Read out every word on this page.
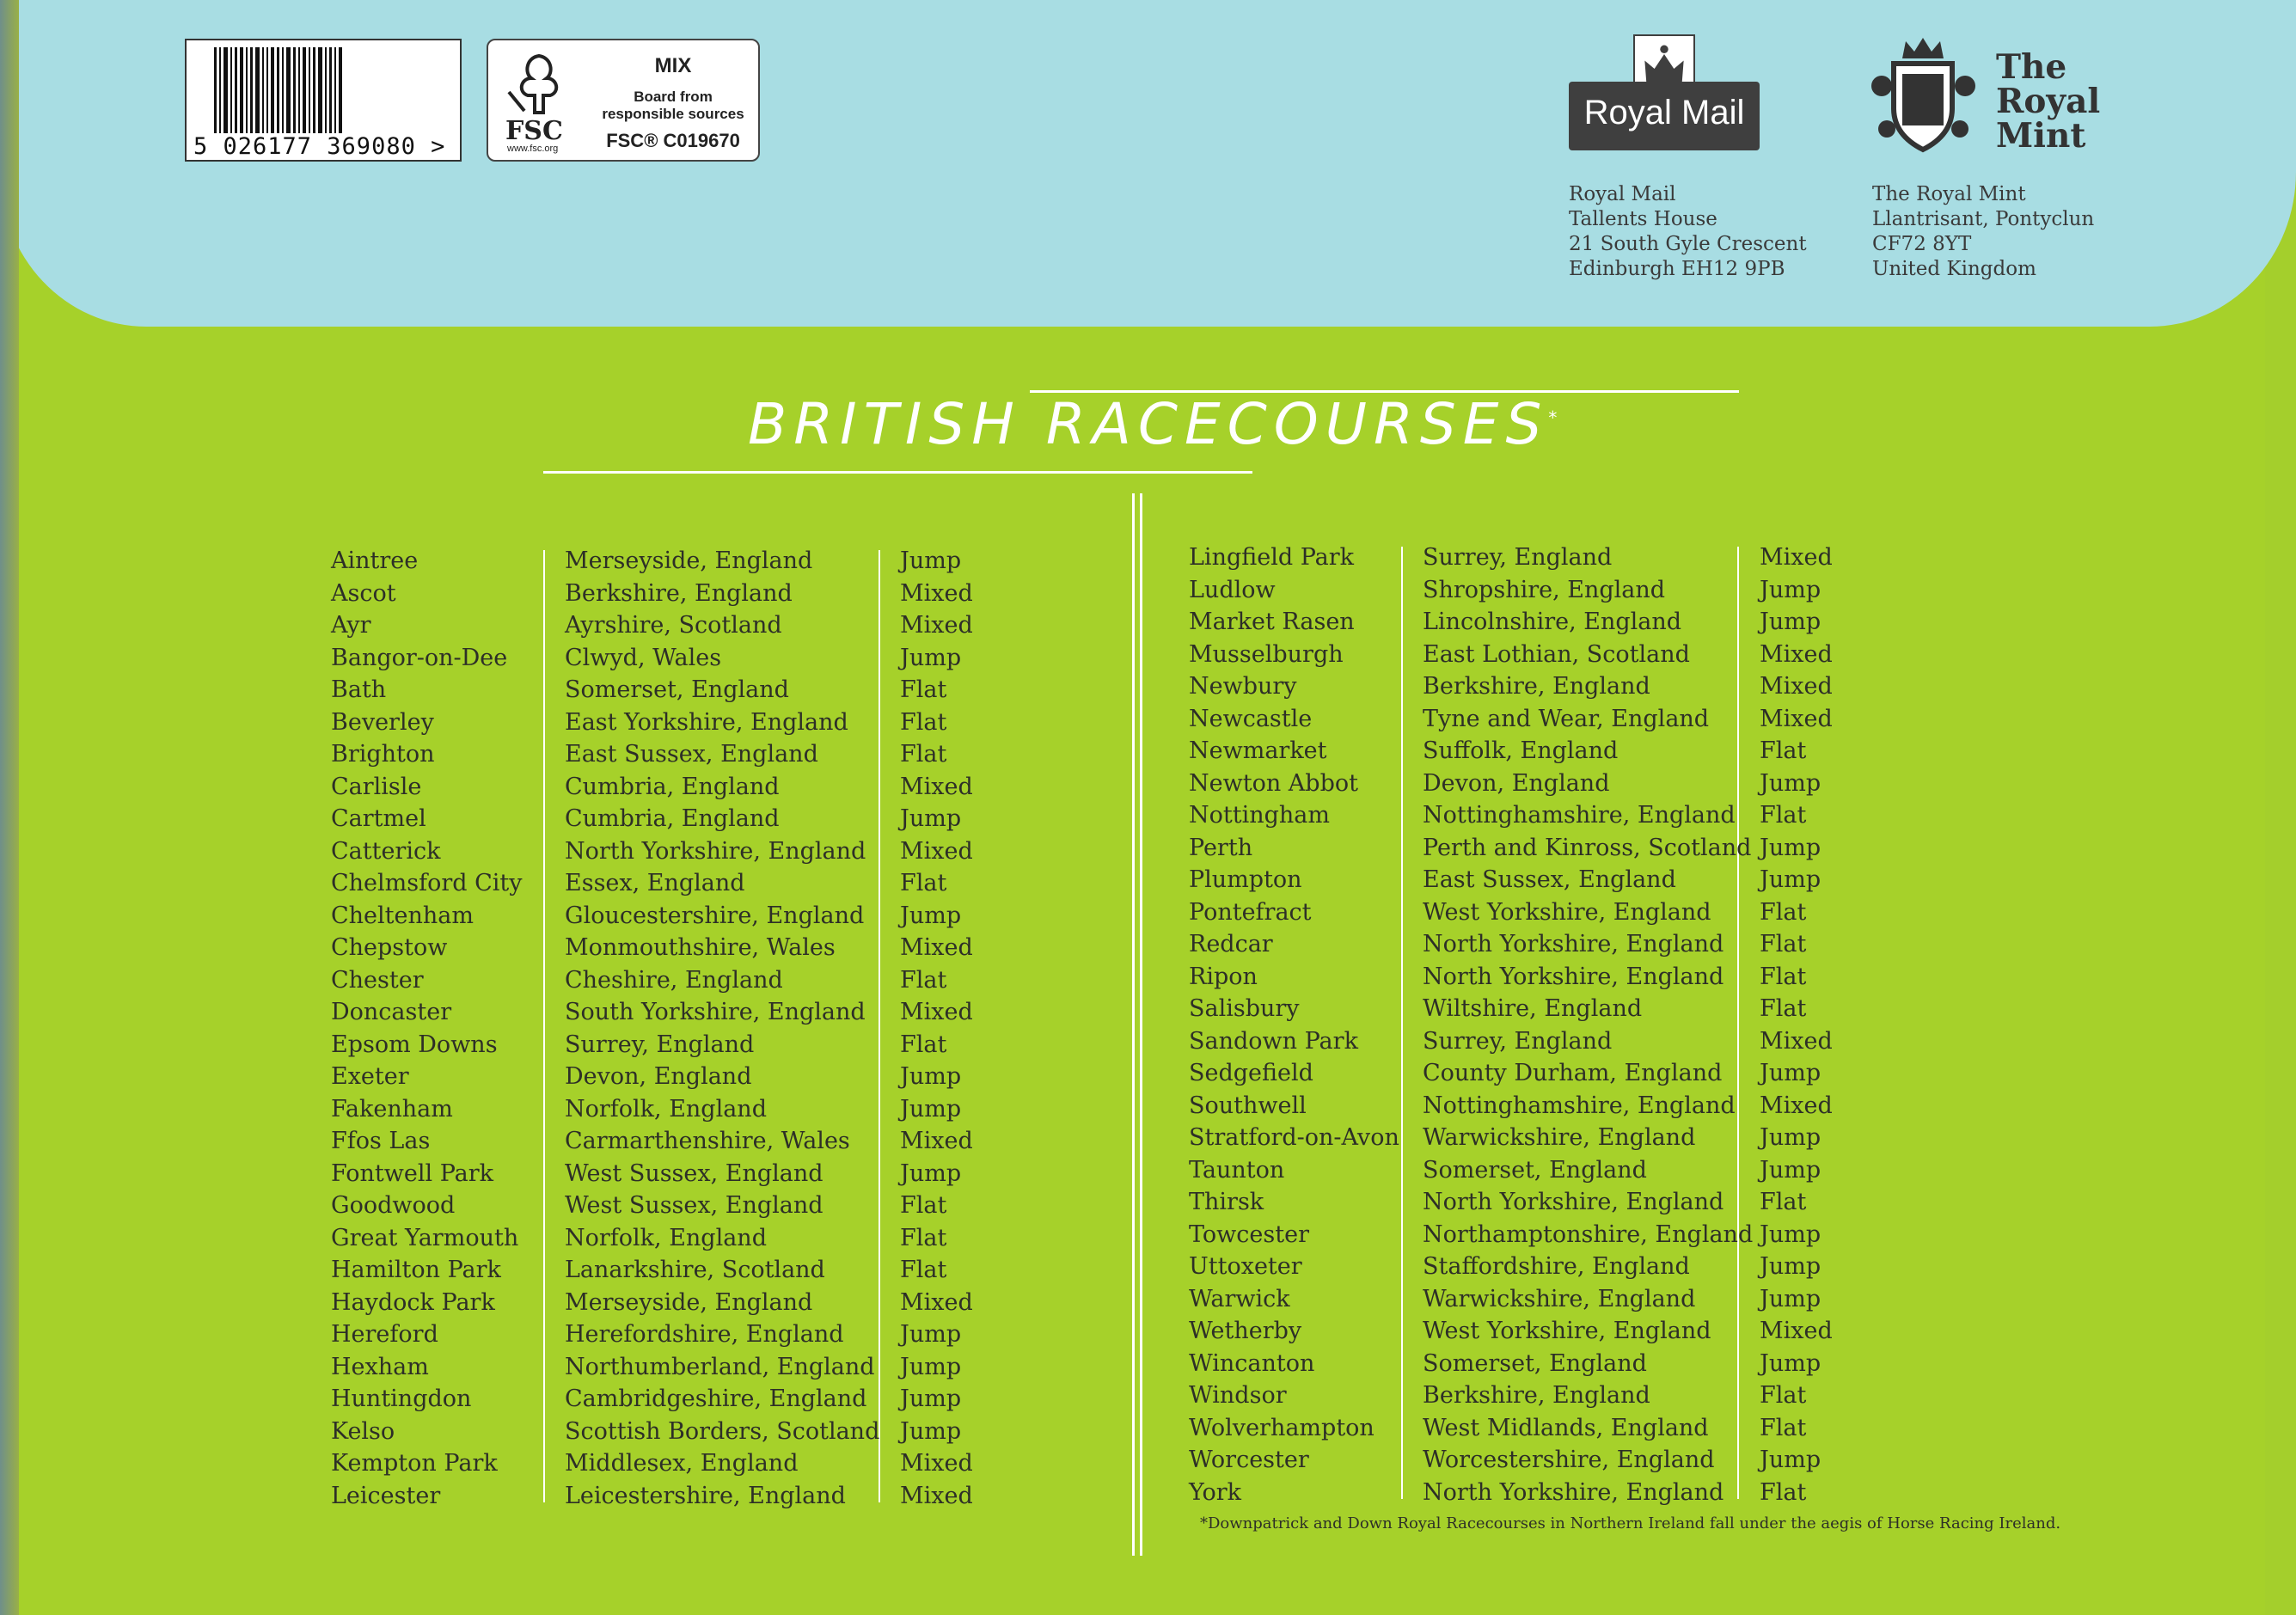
5 026177 369080 >
FSC
www.fsc.org
MIX
Board from responsible sources
FSC® C019670
Royal Mail
The
Royal
Mint
Royal Mail
Tallents House
21 South Gyle Crescent
Edinburgh EH12 9PB
The Royal Mint
Llantrisant, Pontyclun
CF72 8YT
United Kingdom
BRITISH RACECOURSES*
Aintree
Ascot
Ayr
Bangor-on-Dee
Bath
Beverley
Brighton
Carlisle
Cartmel
Catterick
Chelmsford City
Cheltenham
Chepstow
Chester
Doncaster
Epsom Downs
Exeter
Fakenham
Ffos Las
Fontwell Park
Goodwood
Great Yarmouth
Hamilton Park
Haydock Park
Hereford
Hexham
Huntingdon
Kelso
Kempton Park
Leicester
Merseyside, England
Berkshire, England
Ayrshire, Scotland
Clwyd, Wales
Somerset, England
East Yorkshire, England
East Sussex, England
Cumbria, England
Cumbria, England
North Yorkshire, England
Essex, England
Gloucestershire, England
Monmouthshire, Wales
Cheshire, England
South Yorkshire, England
Surrey, England
Devon, England
Norfolk, England
Carmarthenshire, Wales
West Sussex, England
West Sussex, England
Norfolk, England
Lanarkshire, Scotland
Merseyside, England
Herefordshire, England
Northumberland, England
Cambridgeshire, England
Scottish Borders, Scotland
Middlesex, England
Leicestershire, England
Jump
Mixed
Mixed
Jump
Flat
Flat
Flat
Mixed
Jump
Mixed
Flat
Jump
Mixed
Flat
Mixed
Flat
Jump
Jump
Mixed
Jump
Flat
Flat
Flat
Mixed
Jump
Jump
Jump
Jump
Mixed
Mixed
Lingfield Park
Ludlow
Market Rasen
Musselburgh
Newbury
Newcastle
Newmarket
Newton Abbot
Nottingham
Perth
Plumpton
Pontefract
Redcar
Ripon
Salisbury
Sandown Park
Sedgefield
Southwell
Stratford-on-Avon
Taunton
Thirsk
Towcester
Uttoxeter
Warwick
Wetherby
Wincanton
Windsor
Wolverhampton
Worcester
York
Surrey, England
Shropshire, England
Lincolnshire, England
East Lothian, Scotland
Berkshire, England
Tyne and Wear, England
Suffolk, England
Devon, England
Nottinghamshire, England
Perth and Kinross, Scotland
East Sussex, England
West Yorkshire, England
North Yorkshire, England
North Yorkshire, England
Wiltshire, England
Surrey, England
County Durham, England
Nottinghamshire, England
Warwickshire, England
Somerset, England
North Yorkshire, England
Northamptonshire, England
Staffordshire, England
Warwickshire, England
West Yorkshire, England
Somerset, England
Berkshire, England
West Midlands, England
Worcestershire, England
North Yorkshire, England
Mixed
Jump
Jump
Mixed
Mixed
Mixed
Flat
Jump
Flat
Jump
Jump
Flat
Flat
Flat
Flat
Mixed
Jump
Mixed
Jump
Jump
Flat
Jump
Jump
Jump
Mixed
Jump
Flat
Flat
Jump
Flat
*Downpatrick and Down Royal Racecourses in Northern Ireland fall under the aegis of Horse Racing Ireland.
